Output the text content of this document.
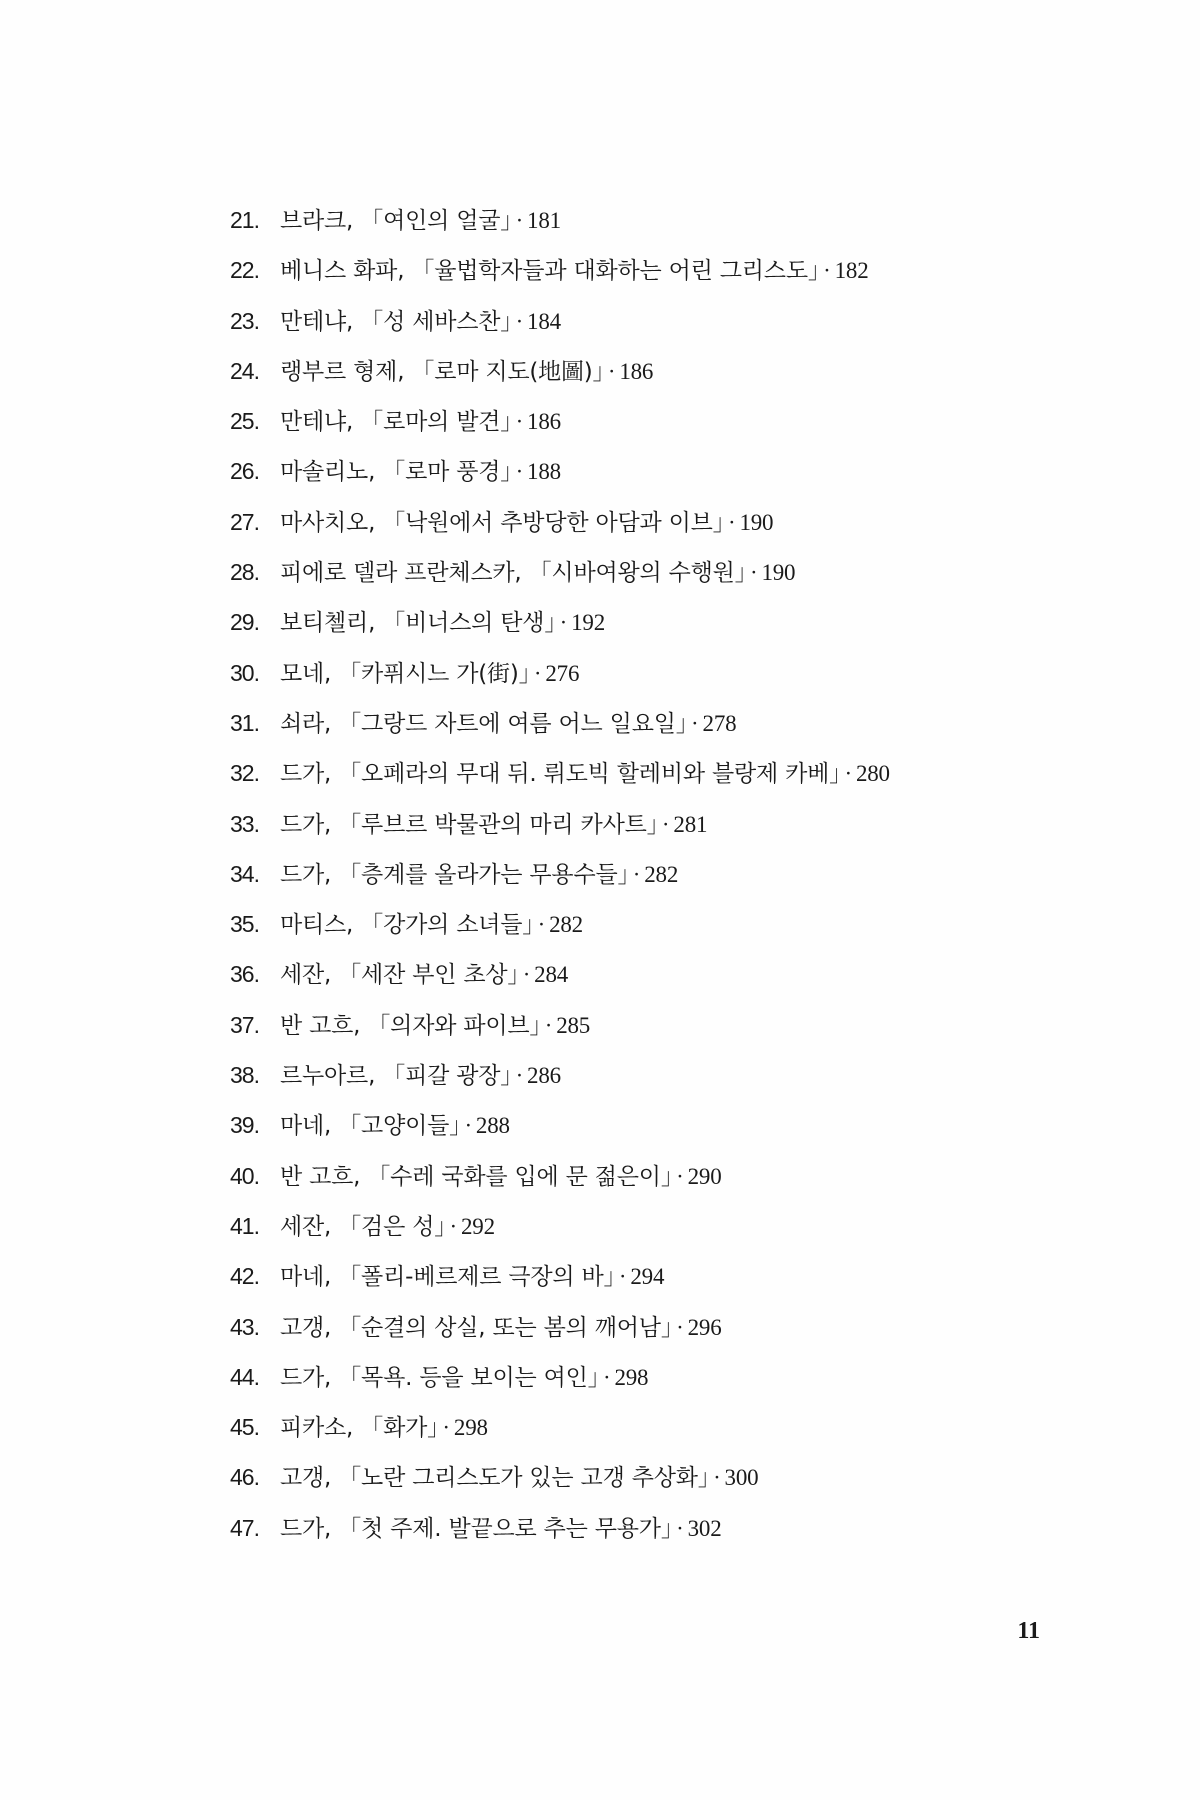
21. 브라크, 「여인의 얼굴」 · 181
22. 베니스 화파, 「율법학자들과 대화하는 어린 그리스도」 · 182
23. 만테냐, 「성 세바스찬」 · 184
24. 랭부르 형제, 「로마 지도(地圖)」 · 186
25. 만테냐, 「로마의 발견」 · 186
26. 마솔리노, 「로마 풍경」 · 188
27. 마사치오, 「낙원에서 추방당한 아담과 이브」 · 190
28. 피에로 델라 프란체스카, 「시바여왕의 수행원」 · 190
29. 보티첼리, 「비너스의 탄생」 · 192
30. 모네, 「카퓌시느 가(街)」 · 276
31. 쇠라, 「그랑드 자트에 여름 어느 일요일」 · 278
32. 드가, 「오페라의 무대 뒤. 뤼도빅 할레비와 블랑제 카베」 · 280
33. 드가, 「루브르 박물관의 마리 카사트」 · 281
34. 드가, 「층계를 올라가는 무용수들」 · 282
35. 마티스, 「강가의 소녀들」 · 282
36. 세잔, 「세잔 부인 초상」 · 284
37. 반 고흐, 「의자와 파이브」 · 285
38. 르누아르, 「피갈 광장」 · 286
39. 마네, 「고양이들」 · 288
40. 반 고흐, 「수레 국화를 입에 문 젊은이」 · 290
41. 세잔, 「검은 성」 · 292
42. 마네, 「폴리-베르제르 극장의 바」 · 294
43. 고갱, 「순결의 상실, 또는 봄의 깨어남」 · 296
44. 드가, 「목욕. 등을 보이는 여인」 · 298
45. 피카소, 「화가」 · 298
46. 고갱, 「노란 그리스도가 있는 고갱 추상화」 · 300
47. 드가, 「첫 주제. 발끝으로 추는 무용가」 · 302
11
